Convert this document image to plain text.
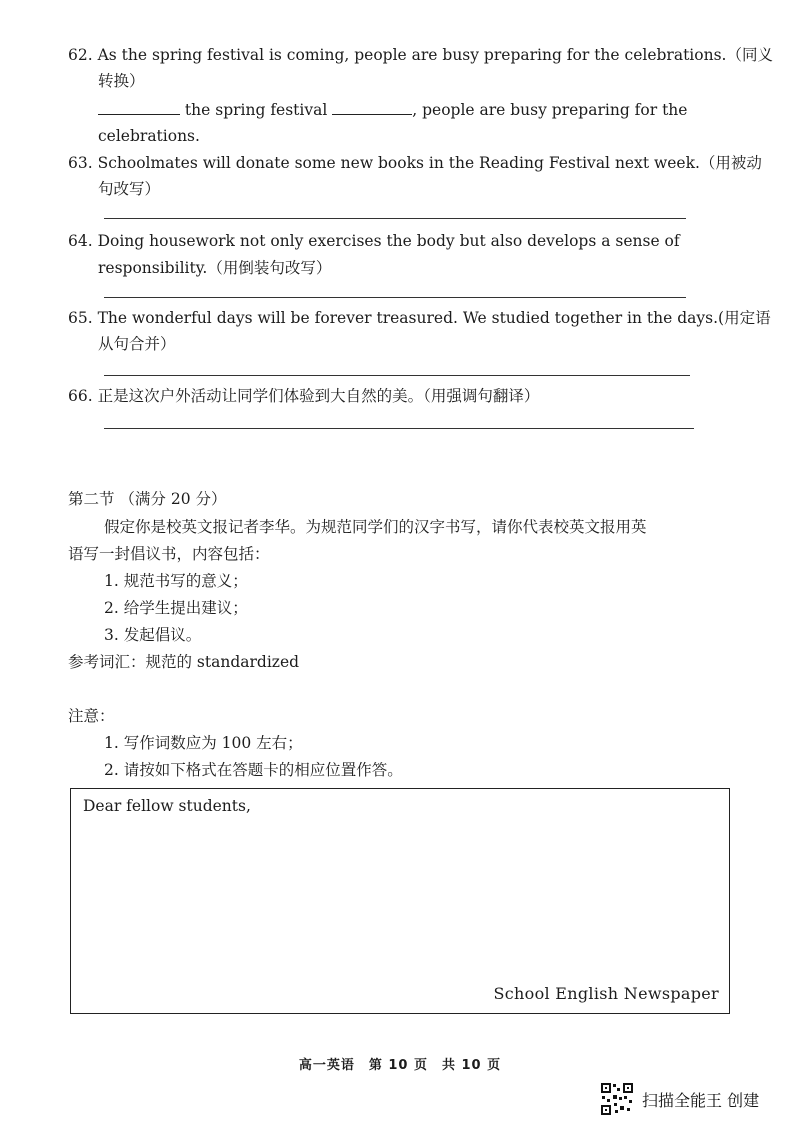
62. As the spring festival is coming, people are busy preparing for the celebrations.（同义
转换）
the spring festival	, people are busy preparing for the
celebrations.
63. Schoolmates will donate some new books in the Reading Festival next week.（用被动
句改写）
64. Doing housework not only exercises the body but also develops a sense of
responsibility.（用倒装句改写）
65. The wonderful days will be forever treasured. We studied together in the days.(用定语
从句合并）
66. 正是这次户外活动让同学们体验到大自然的美。（用强调句翻译）
第二节 （满分 20 分）
假定你是校英文报记者李华。为规范同学们的汉字书写，请你代表校英文报用英
语写一封倡议书，内容包括：
1. 规范书写的意义；
2. 给学生提出建议；
3. 发起倡议。
参考词汇：规范的 standardized
注意：
1. 写作词数应为 100 左右；
2. 请按如下格式在答题卡的相应位置作答。
Dear fellow students,
School English Newspaper
高一英语　第 10 页　共 10 页
扫描全能王 创建
